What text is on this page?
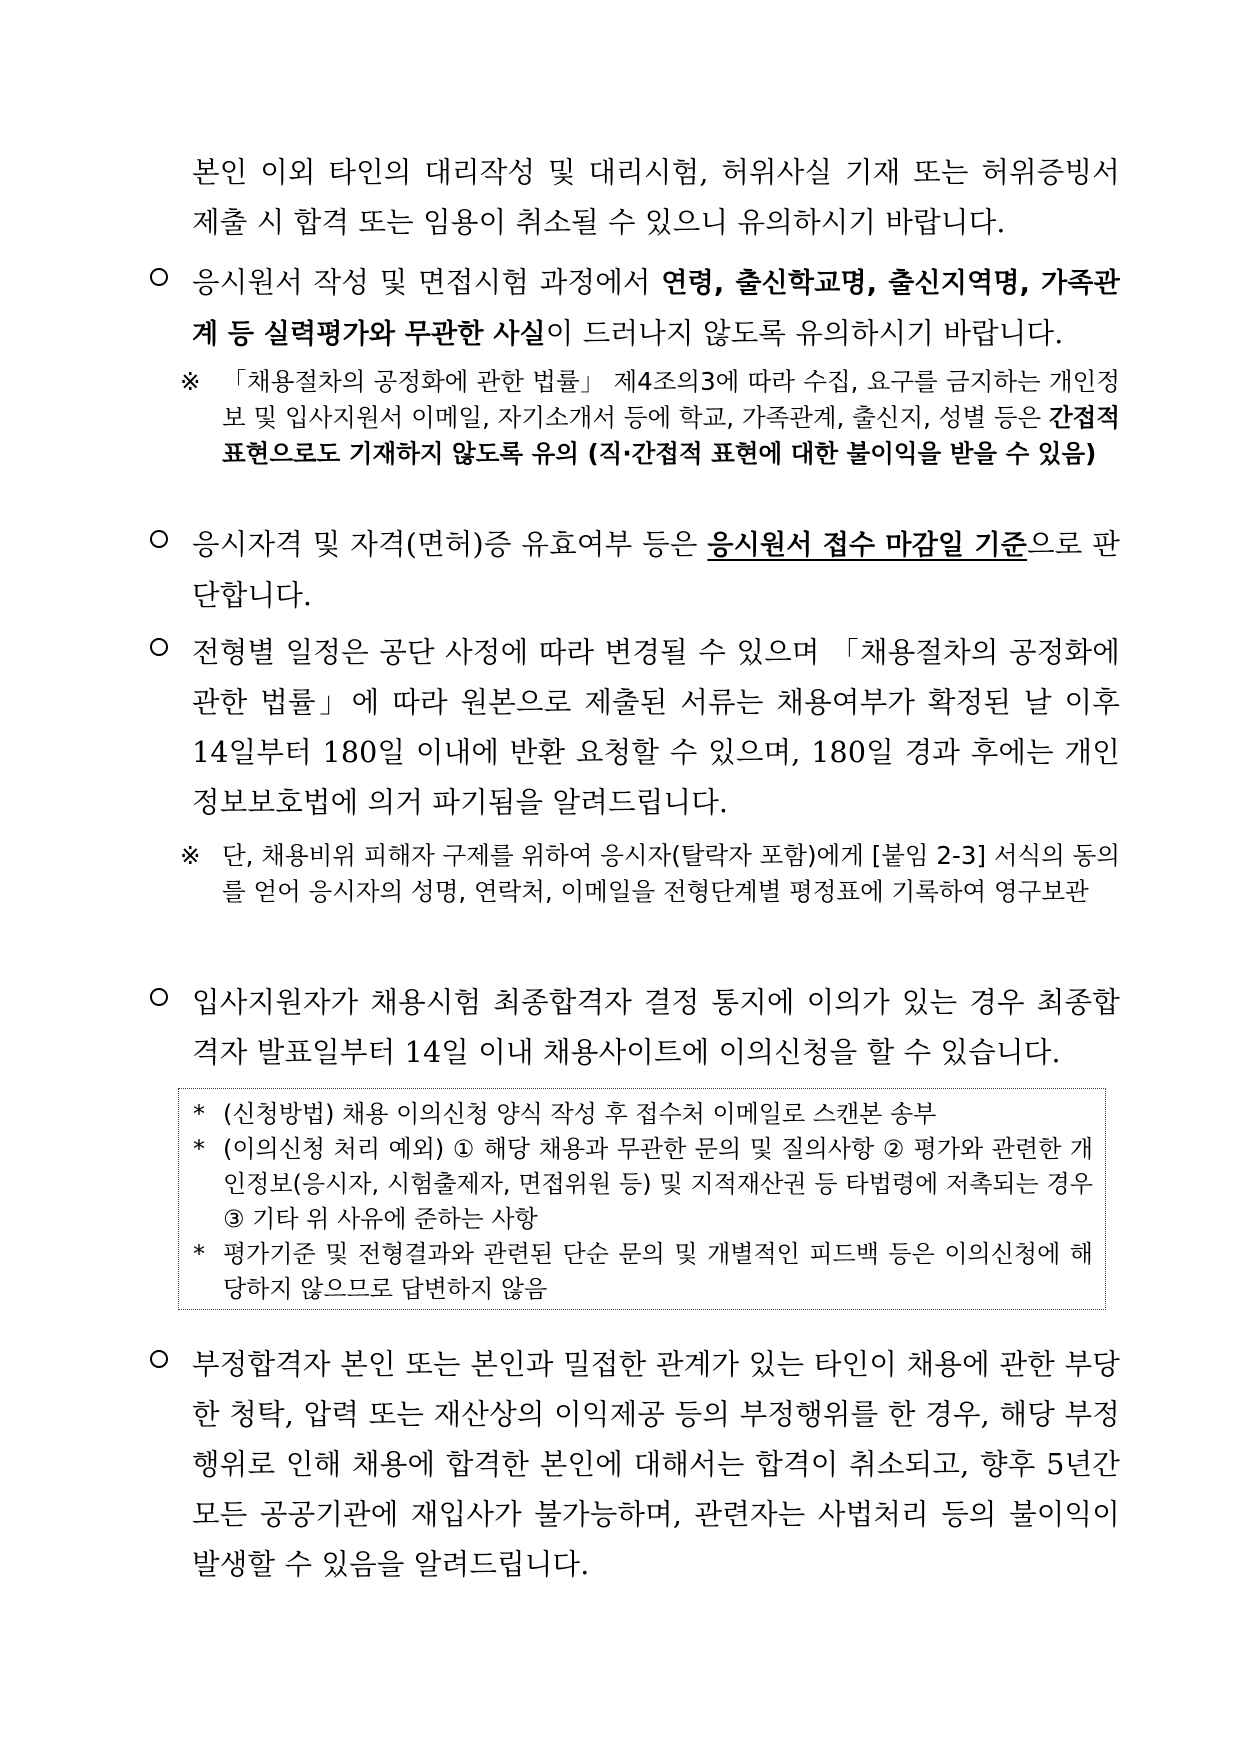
본인 이외 타인의 대리작성 및 대리시험, 허위사실 기재 또는 허위증빙서 제출 시 합격 또는 임용이 취소될 수 있으니 유의하시기 바랍니다.
응시원서 작성 및 면접시험 과정에서 연령, 출신학교명, 출신지역명, 가족관계 등 실력평가와 무관한 사실이 드러나지 않도록 유의하시기 바랍니다.
※ 「채용절차의 공정화에 관한 법률」 제4조의3에 따라 수집, 요구를 금지하는 개인정보 및 입사지원서 이메일, 자기소개서 등에 학교, 가족관계, 출신지, 성별 등은 간접적 표현으로도 기재하지 않도록 유의 (직·간접적 표현에 대한 불이익을 받을 수 있음)
응시자격 및 자격(면허)증 유효여부 등은 응시원서 접수 마감일 기준으로 판단합니다.
전형별 일정은 공단 사정에 따라 변경될 수 있으며 「채용절차의 공정화에 관한 법률」에 따라 원본으로 제출된 서류는 채용여부가 확정된 날 이후 14일부터 180일 이내에 반환 요청할 수 있으며, 180일 경과 후에는 개인정보보호법에 의거 파기됨을 알려드립니다.
※ 단, 채용비위 피해자 구제를 위하여 응시자(탈락자 포함)에게 [붙임 2-3] 서식의 동의를 얻어 응시자의 성명, 연락처, 이메일을 전형단계별 평정표에 기록하여 영구보관
입사지원자가 채용시험 최종합격자 결정 통지에 이의가 있는 경우 최종합격자 발표일부터 14일 이내 채용사이트에 이의신청을 할 수 있습니다.
* (신청방법) 채용 이의신청 양식 작성 후 접수처 이메일로 스캔본 송부
* (이의신청 처리 예외) ① 해당 채용과 무관한 문의 및 질의사항 ② 평가와 관련한 개인정보(응시자, 시험출제자, 면접위원 등) 및 지적재산권 등 타법령에 저촉되는 경우 ③ 기타 위 사유에 준하는 사항
* 평가기준 및 전형결과와 관련된 단순 문의 및 개별적인 피드백 등은 이의신청에 해당하지 않으므로 답변하지 않음
부정합격자 본인 또는 본인과 밀접한 관계가 있는 타인이 채용에 관한 부당한 청탁, 압력 또는 재산상의 이익제공 등의 부정행위를 한 경우, 해당 부정행위로 인해 채용에 합격한 본인에 대해서는 합격이 취소되고, 향후 5년간 모든 공공기관에 재입사가 불가능하며, 관련자는 사법처리 등의 불이익이 발생할 수 있음을 알려드립니다.
